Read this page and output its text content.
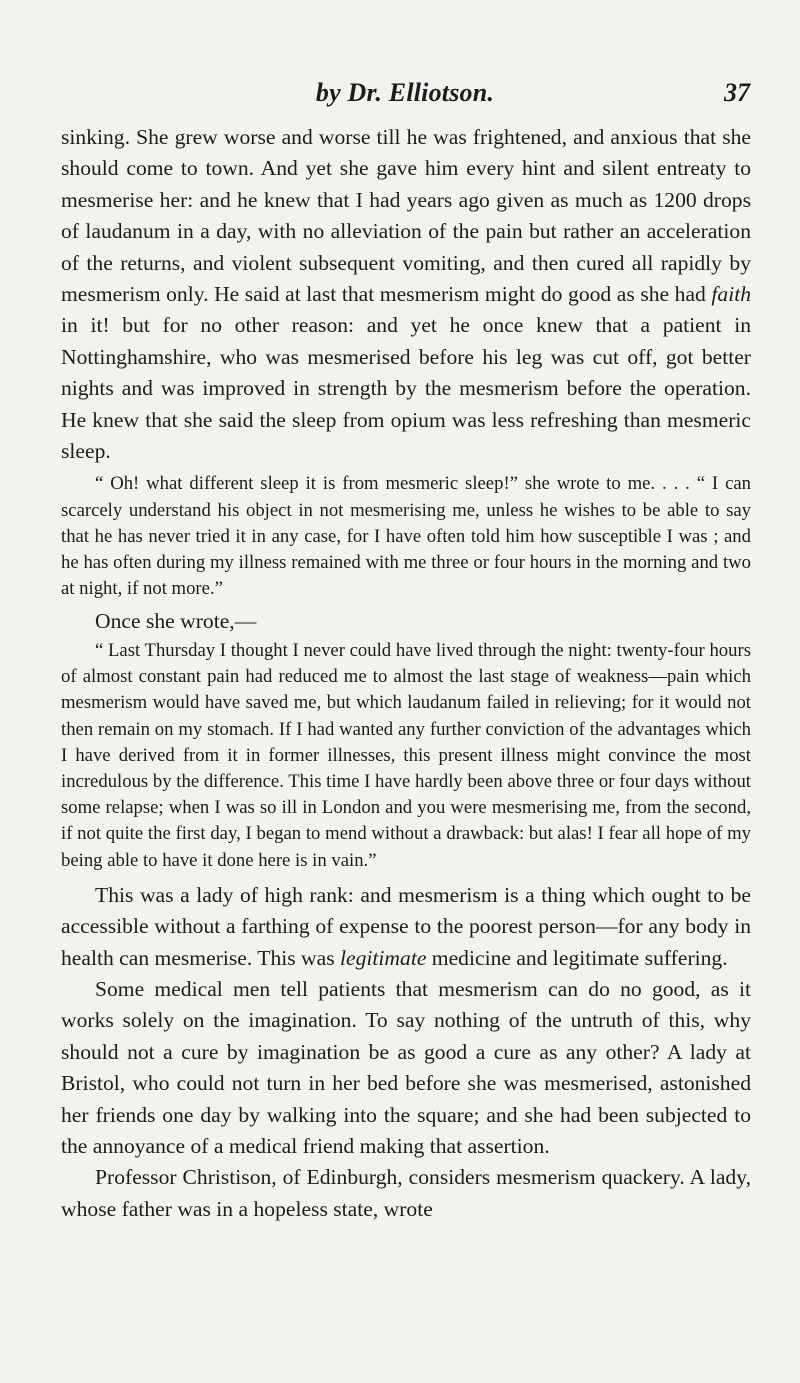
by Dr. Elliotson.	37

sinking. She grew worse and worse till he was frightened, and anxious that she should come to town. And yet she gave him every hint and silent entreaty to mesmerise her: and he knew that I had years ago given as much as 1200 drops of laudanum in a day, with no alleviation of the pain but rather an acceleration of the returns, and violent subsequent vomiting, and then cured all rapidly by mesmerism only. He said at last that mesmerism might do good as she had faith in it! but for no other reason: and yet he once knew that a patient in Nottinghamshire, who was mesmerised before his leg was cut off, got better nights and was improved in strength by the mesmerism before the operation. He knew that she said the sleep from opium was less refreshing than mesmeric sleep.

“ Oh! what different sleep it is from mesmeric sleep!” she wrote to me. . . . “ I can scarcely understand his object in not mesmerising me, unless he wishes to be able to say that he has never tried it in any case, for I have often told him how susceptible I was ; and he has often during my illness remained with me three or four hours in the morning and two at night, if not more.”

Once she wrote,—

“ Last Thursday I thought I never could have lived through the night: twenty-four hours of almost constant pain had reduced me to almost the last stage of weakness—pain which mesmerism would have saved me, but which laudanum failed in relieving; for it would not then remain on my stomach. If I had wanted any further conviction of the advantages which I have derived from it in former illnesses, this present illness might convince the most incredulous by the difference. This time I have hardly been above three or four days without some relapse; when I was so ill in London and you were mesmerising me, from the second, if not quite the first day, I began to mend without a drawback: but alas! I fear all hope of my being able to have it done here is in vain.”

This was a lady of high rank: and mesmerism is a thing which ought to be accessible without a farthing of expense to the poorest person—for any body in health can mesmerise. This was legitimate medicine and legitimate suffering.

Some medical men tell patients that mesmerism can do no good, as it works solely on the imagination. To say nothing of the untruth of this, why should not a cure by imagination be as good a cure as any other? A lady at Bristol, who could not turn in her bed before she was mesmerised, astonished her friends one day by walking into the square; and she had been subjected to the annoyance of a medical friend making that assertion.

Professor Christison, of Edinburgh, considers mesmerism quackery. A lady, whose father was in a hopeless state, wrote
